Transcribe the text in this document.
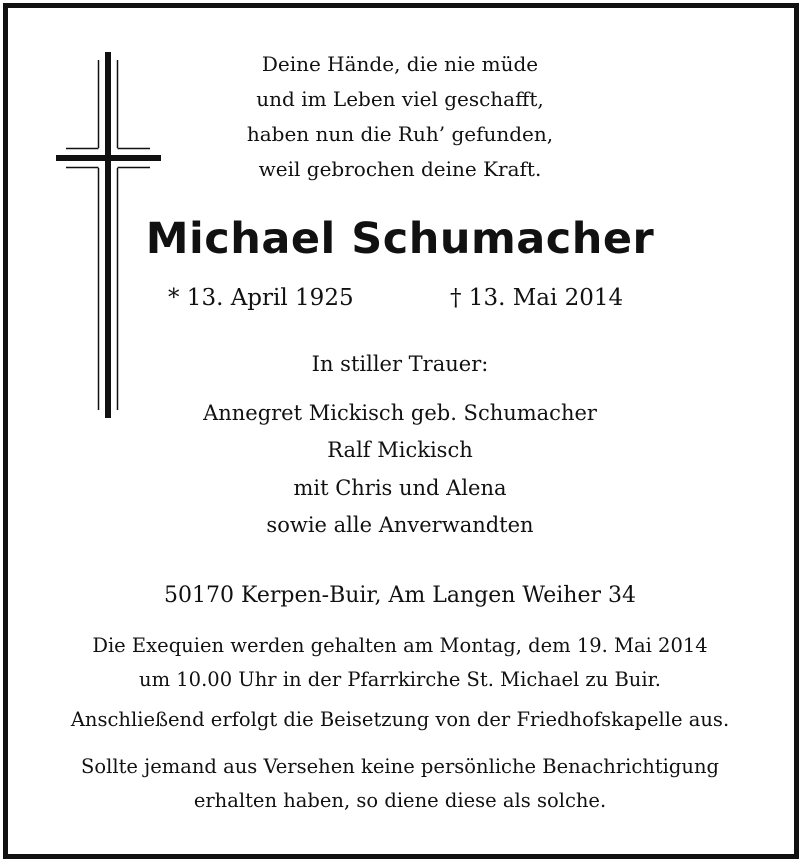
Deine Hände, die nie müde
und im Leben viel geschafft,
haben nun die Ruh’ gefunden,
weil gebrochen deine Kraft.
Michael Schumacher
* 13. April 1925	† 13. Mai 2014
In stiller Trauer:
Annegret Mickisch geb. Schumacher
Ralf Mickisch
mit Chris und Alena
sowie alle Anverwandten
50170 Kerpen-Buir, Am Langen Weiher 34
Die Exequien werden gehalten am Montag, dem 19. Mai 2014
um 10.00 Uhr in der Pfarrkirche St. Michael zu Buir.
Anschließend erfolgt die Beisetzung von der Friedhofskapelle aus.
Sollte jemand aus Versehen keine persönliche Benachrichtigung
erhalten haben, so diene diese als solche.
